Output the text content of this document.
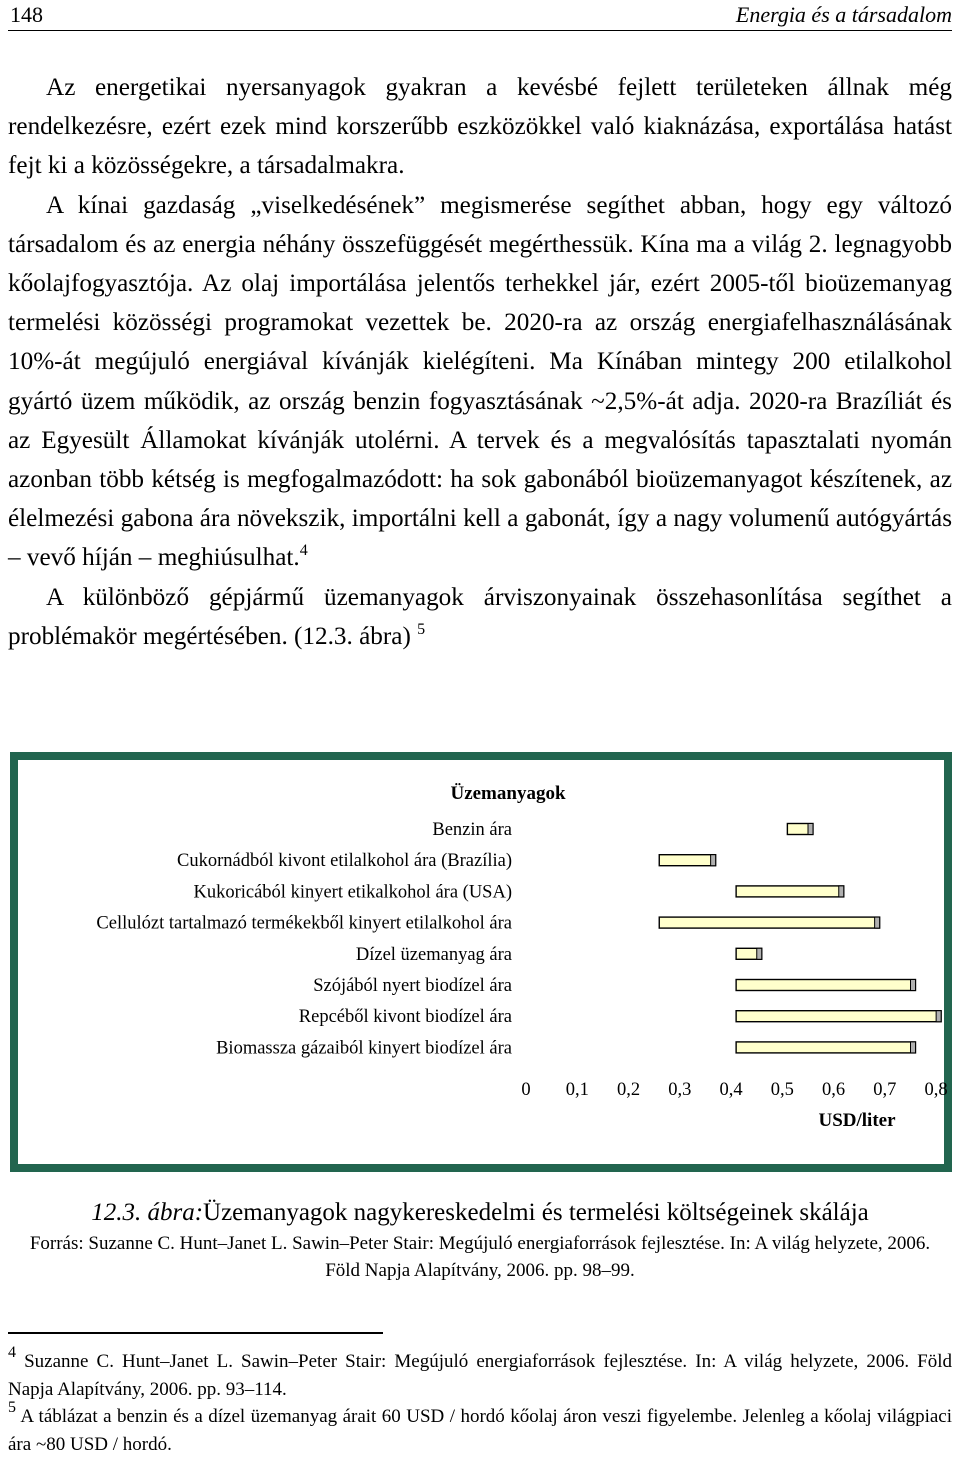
148	Energia és a társadalom

Az energetikai nyersanyagok gyakran a kevésbé fejlett területeken állnak még rendelkezésre, ezért ezek mind korszerűbb eszközökkel való kiaknázása, exportálása hatást fejt ki a közösségekre, a társadalmakra.

A kínai gazdaság „viselkedésének” megismerése segíthet abban, hogy egy változó társadalom és az energia néhány összefüggését megérthessük. Kína ma a világ 2. legnagyobb kőolajfogyasztója. Az olaj importálása jelentős terhekkel jár, ezért 2005-től bioüzemanyag termelési közösségi programokat vezettek be. 2020-ra az ország energiafelhasználásának 10%-át megújuló energiával kívánják kielégíteni. Ma Kínában mintegy 200 etilalkohol gyártó üzem működik, az ország benzin fogyasztásának ~2,5%-át adja. 2020-ra Brazíliát és az Egyesült Államokat kívánják utolérni. A tervek és a megvalósítás tapasztalati nyomán azonban több kétség is megfogalmazódott: ha sok gabonából bioüzemanyagot készítenek, az élelmezési gabona ára növekszik, importálni kell a gabonát, így a nagy volumenű autógyártás – vevő híján – meghiúsulhat.$^4$

A különböző gépjármű üzemanyagok árviszonyainak összehasonlítása segíthet a problémakör megértésében. (12.3. ábra) $^5$

Üzemanyagok
USD/liter
Benzin ára
Cukornádból kivont etilalkohol ára (Brazília)
Kukoricából kinyert etikalkohol ára (USA)
Cellulózt tartalmazó termékekből kinyert etilalkohol ára
Dízel üzemanyag ára
Szójából nyert biodízel ára
Repcéből kivont biodízel ára
Biomassza gázaiból kinyert biodízel ára
0 0,1 0,2 0,3 0,4 0,5 0,6 0,7 0,8
12.3. ábra:Üzemanyagok nagykereskedelmi és termelési költségeinek skálája
Forrás: Suzanne C. Hunt–Janet L. Sawin–Peter Stair: Megújuló energiaforrások fejlesztése. In: A világ helyzete, 2006. Föld Napja Alapítvány, 2006. pp. 98–99.

$^4$ Suzanne C. Hunt–Janet L. Sawin–Peter Stair: Megújuló energiaforrások fejlesztése. In: A világ helyzete, 2006. Föld Napja Alapítvány, 2006. pp. 93–114.

$^5$ A táblázat a benzin és a dízel üzemanyag árait 60 USD / hordó kőolaj áron veszi figyelembe. Jelenleg a kőolaj világpiaci ára ~80 USD / hordó.
